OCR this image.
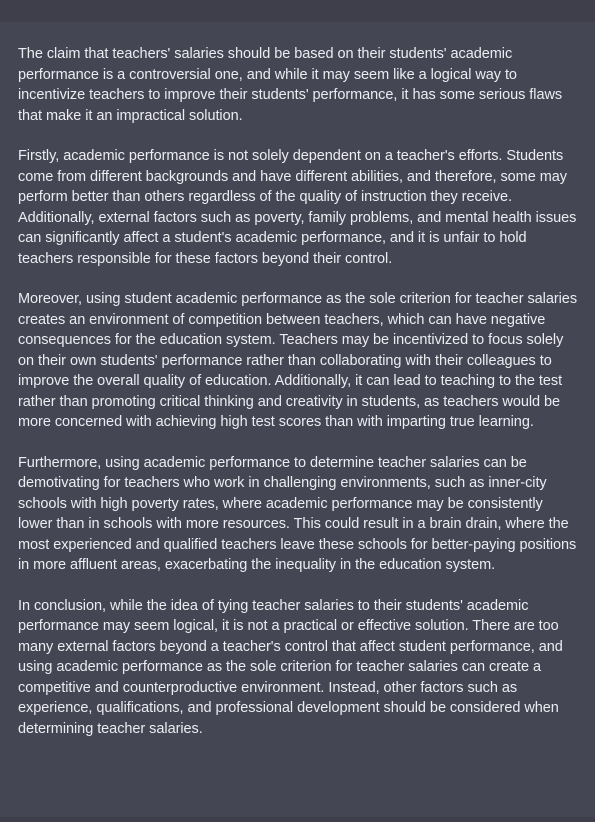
The claim that teachers' salaries should be based on their students' academic performance is a controversial one, and while it may seem like a logical way to incentivize teachers to improve their students' performance, it has some serious flaws that make it an impractical solution.

Firstly, academic performance is not solely dependent on a teacher's efforts. Students come from different backgrounds and have different abilities, and therefore, some may perform better than others regardless of the quality of instruction they receive. Additionally, external factors such as poverty, family problems, and mental health issues can significantly affect a student's academic performance, and it is unfair to hold teachers responsible for these factors beyond their control.

Moreover, using student academic performance as the sole criterion for teacher salaries creates an environment of competition between teachers, which can have negative consequences for the education system. Teachers may be incentivized to focus solely on their own students' performance rather than collaborating with their colleagues to improve the overall quality of education. Additionally, it can lead to teaching to the test rather than promoting critical thinking and creativity in students, as teachers would be more concerned with achieving high test scores than with imparting true learning.

Furthermore, using academic performance to determine teacher salaries can be demotivating for teachers who work in challenging environments, such as inner-city schools with high poverty rates, where academic performance may be consistently lower than in schools with more resources. This could result in a brain drain, where the most experienced and qualified teachers leave these schools for better-paying positions in more affluent areas, exacerbating the inequality in the education system.

In conclusion, while the idea of tying teacher salaries to their students' academic performance may seem logical, it is not a practical or effective solution. There are too many external factors beyond a teacher's control that affect student performance, and using academic performance as the sole criterion for teacher salaries can create a competitive and counterproductive environment. Instead, other factors such as experience, qualifications, and professional development should be considered when determining teacher salaries.
